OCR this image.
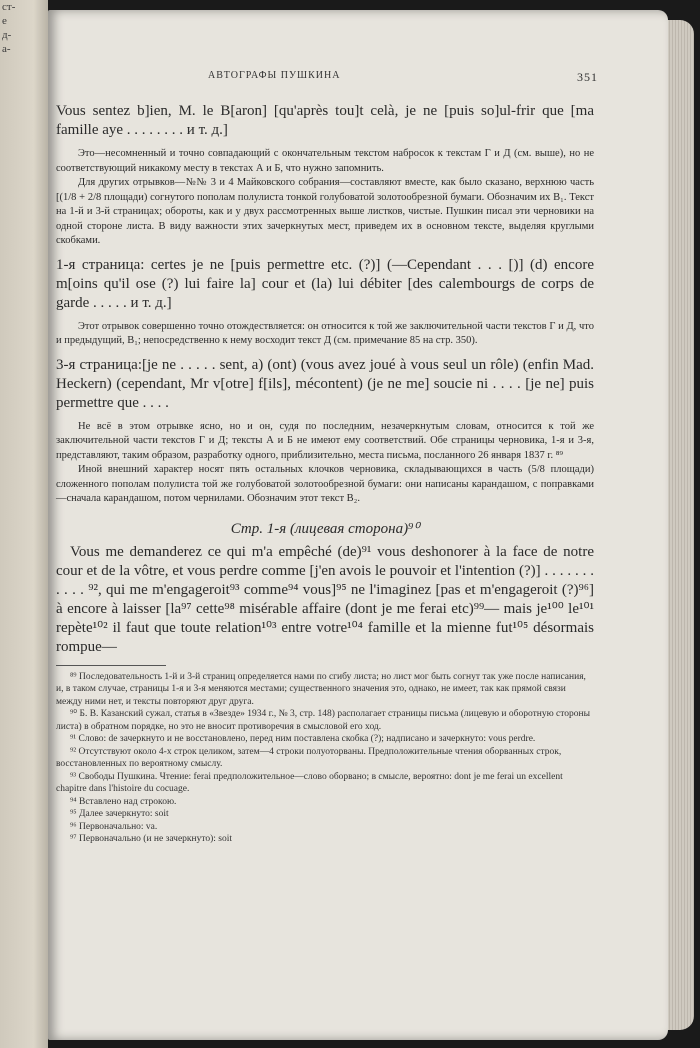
ст-
е
д-
а-
АВТОГРАФЫ ПУШКИНА	351

Vous sentez b]ien, M. le B[aron] [qu'après tou]t celà, je ne [puis so]ul-frir que [ma famille aye . . . . . . . . и т. д.]

Это—несомненный и точно совпадающий с окончательным текстом набросок к текстам Г и Д (см. выше), но не соответствующий никакому месту в текстах А и Б, что нужно запомнить.

Для других отрывков—№№ 3 и 4 Майковского собрания—составляют вместе, как было сказано, верхнюю часть [(1/8 + 2/8 площади) согнутого пополам полулиста тонкой голубоватой золотообрезной бумаги. Обозначим их В₁. Текст на 1-й и 3-й страницах; обороты, как и у двух рассмотренных выше листков, чистые. Пушкин писал эти черновики на одной стороне листа. В виду важности этих зачеркнутых мест, приведем их в основном тексте, выделяя круглыми скобками.

1-я страница: certes je ne [puis permettre etc. (?)] (—Cependant . . . [)] (d) encore m[oins qu'il ose (?) lui faire la] cour et (la) lui débiter [des calembourgs de corps de garde . . . . . и т. д.]

Этот отрывок совершенно точно отождествляется: он относится к той же заключительной части текстов Г и Д, что и предыдущий, В₁; непосредственно к нему восходит текст Д (см. примечание 85 на стр. 350).

3-я страница:[je ne . . . . . sent, a) (ont) (vous avez joué à vous seul un rôle) (enfin Mad. Heckern) (cependant, Mr v[otre] f[ils], mécontent) (je ne me] soucie ni . . . . [je ne] puis permettre que . . . .

Не всё в этом отрывке ясно, но и он, судя по последним, незачеркнутым словам, относится к той же заключительной части текстов Г и Д; тексты А и Б не имеют ему соответствий. Обе страницы черновика, 1-я и 3-я, представляют, таким образом, разработку одного, приблизительно, места письма, посланного 26 января 1837 г. ⁸⁹

Иной внешний характер носят пять остальных клочков черновика, складывающихся в часть (5/8 площади) сложенного пополам полулиста той же голубоватой золотообрезной бумаги: они написаны карандашом, с поправками—сначала карандашом, потом чернилами. Обозначим этот текст В₂.

Стр. 1-я (лицевая сторона)⁹⁰

Vous me demanderez ce qui m'a empêché (de)⁹¹ vous deshonorer à la face de notre cour et de la vôtre, et vous perdre comme [j'en avois le pouvoir et l'intention (?)] . . . . . . . . . . . ⁹², qui me m'engageroit⁹³ comme⁹⁴ vous]⁹⁵ ne l'imaginez [pas et m'engageroit (?)⁹⁶] à encore à laisser [la⁹⁷ cette⁹⁸ misérable affaire (dont je me ferai etc)⁹⁹— mais je¹⁰⁰ le¹⁰¹ repète¹⁰² il faut que toute relation¹⁰³ entre votre¹⁰⁴ famille et la mienne fut¹⁰⁵ désormais rompue—

⁸⁹ Последовательность 1-й и 3-й страниц определяется нами по сгибу листа; но лист мог быть согнут так уже после написания, и, в таком случае, страницы 1-я и 3-я меняются местами; существенного значения это, однако, не имеет, так как прямой связи между ними нет, и тексты повторяют друг друга.

⁹⁰ Б. В. Казанский сужал, статья в «Звезде» 1934 г., № 3, стр. 148) располагает страницы письма (лицевую и оборотную стороны листа) в обратном порядке, но это не вносит противоречия в смысловой его ход.

⁹¹ Слово: de зачеркнуто и не восстановлено, перед ним поставлена скобка (?); надписано и зачеркнуто: vous perdre.

⁹² Отсутствуют около 4-х строк целиком, затем—4 строки полуоторваны. Предположительные чтения оборванных строк, восстановленных по вероятному смыслу.

⁹³ Свободы Пушкина. Чтение: ferai предположительное—слово оборвано; в смысле, вероятно: dont je me ferai un excellent chapitre dans l'histoire du cocuage.

⁹⁴ Вставлено над строкою.

⁹⁵ Далее зачеркнуто: soit

⁹⁶ Первоначально: va.

⁹⁷ Первоначально (и не зачеркнуто): soit
